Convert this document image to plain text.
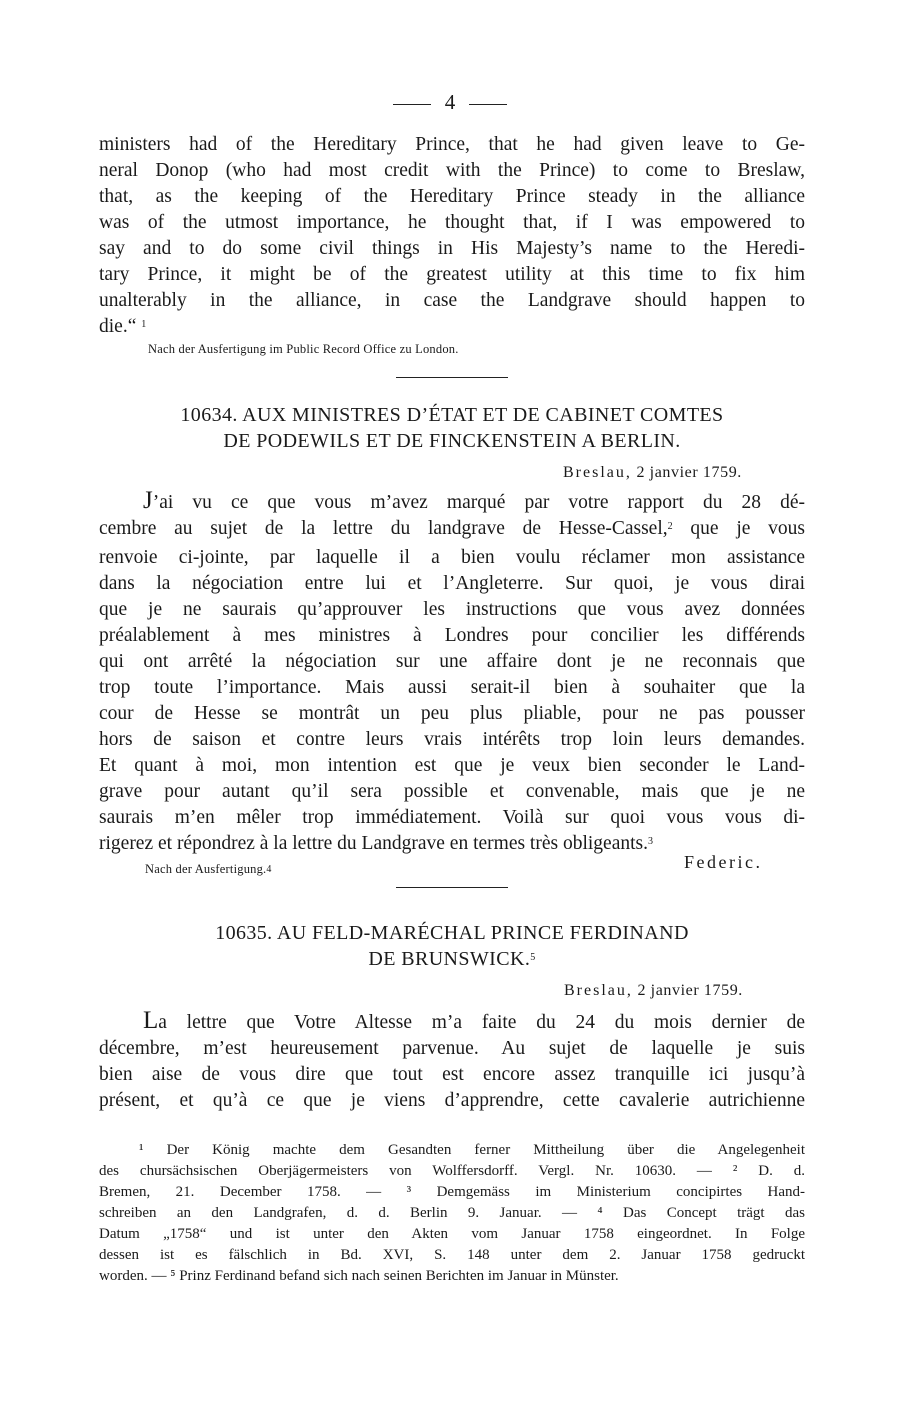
4

ministers had of the Hereditary Prince, that he had given leave to Ge-

neral Donop (who had most credit with the Prince) to come to Breslaw,

that, as the keeping of the Hereditary Prince steady in the alliance

was of the utmost importance, he thought that, if I was empowered to

say and to do some civil things in His Majesty’s name to the Heredi-

tary Prince, it might be of the greatest utility at this time to fix him

unalterably in the alliance, in case the Landgrave should happen to

die.“ $^1$

Nach der Ausfertigung im Public Record Office zu London.
10634. AUX MINISTRES D’ÉTAT ET DE CABINET COMTES
DE PODEWILS ET DE FINCKENSTEIN A BERLIN.
Breslau, 2 janvier 1759.

J’ai vu ce que vous m’avez marqué par votre rapport du 28 dé-

cembre au sujet de la lettre du landgrave de Hesse-Cassel,$^2$ que je vous

renvoie ci-jointe, par laquelle il a bien voulu réclamer mon assistance

dans la négociation entre lui et l’Angleterre. Sur quoi, je vous dirai

que je ne saurais qu’approuver les instructions que vous avez données

préalablement à mes ministres à Londres pour concilier les différends

qui ont arrêté la négociation sur une affaire dont je ne reconnais que

trop toute l’importance. Mais aussi serait-il bien à souhaiter que la

cour de Hesse se montrât un peu plus pliable, pour ne pas pousser

hors de saison et contre leurs vrais intérêts trop loin leurs demandes.

Et quant à moi, mon intention est que je veux bien seconder le Land-

grave pour autant qu’il sera possible et convenable, mais que je ne

saurais m’en mêler trop immédiatement. Voilà sur quoi vous vous di-

rigerez et répondrez à la lettre du Landgrave en termes très obligeants.$^3$

Nach der Ausfertigung.4	Federic.
10635. AU FELD-MARÉCHAL PRINCE FERDINAND
DE BRUNSWICK.$^5$
Breslau, 2 janvier 1759.

La lettre que Votre Altesse m’a faite du 24 du mois dernier de

décembre, m’est heureusement parvenue. Au sujet de laquelle je suis

bien aise de vous dire que tout est encore assez tranquille ici jusqu’à

présent, et qu’à ce que je viens d’apprendre, cette cavalerie autrichienne

¹ Der König machte dem Gesandten ferner Mittheilung über die Angelegenheit

des chursächsischen Oberjägermeisters von Wolffersdorff. Vergl. Nr. 10630. — ² D. d.

Bremen, 21. December 1758. — ³ Demgemäss im Ministerium concipirtes Hand-

schreiben an den Landgrafen, d. d. Berlin 9. Januar. — ⁴ Das Concept trägt das

Datum „1758“ und ist unter den Akten vom Januar 1758 eingeordnet. In Folge

dessen ist es fälschlich in Bd. XVI, S. 148 unter dem 2. Januar 1758 gedruckt

worden. — ⁵ Prinz Ferdinand befand sich nach seinen Berichten im Januar in Münster.
